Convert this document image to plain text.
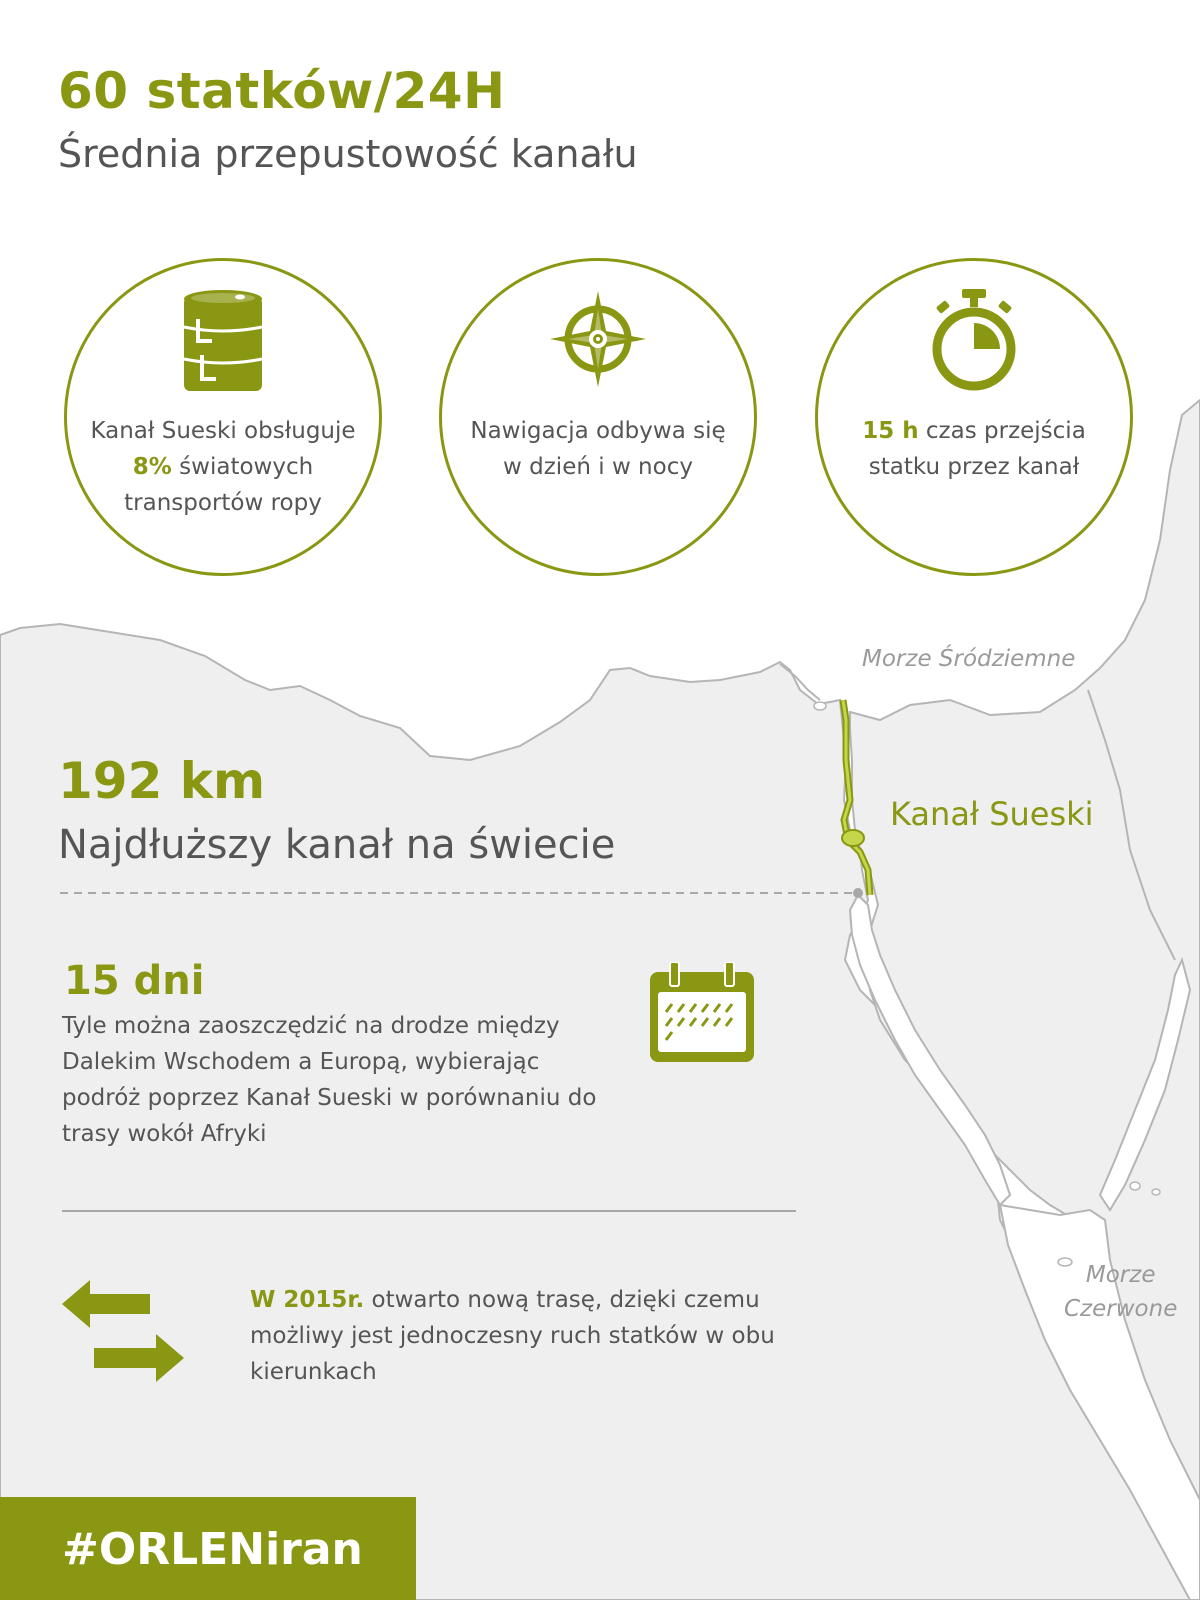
60 statków/24H
Średnia przepustowość kanału
Kanał Sueski obsługuje
8% światowych transportów ropy
Nawigacja odbywa się w dzień i w nocy
15 h czas przejścia statku przez kanał
Morze Śródziemne
Kanał Sueski
Morze
Czerwone
192 km
Najdłuższy kanał na świecie
15 dni
Tyle można zaoszczędzić na drodze między Dalekim Wschodem a Europą, wybierając podróż poprzez Kanał Sueski w porównaniu do trasy wokół Afryki
W 2015r. otwarto nową trasę, dzięki czemu możliwy jest jednoczesny ruch statków w obu kierunkach
#ORLENiran
